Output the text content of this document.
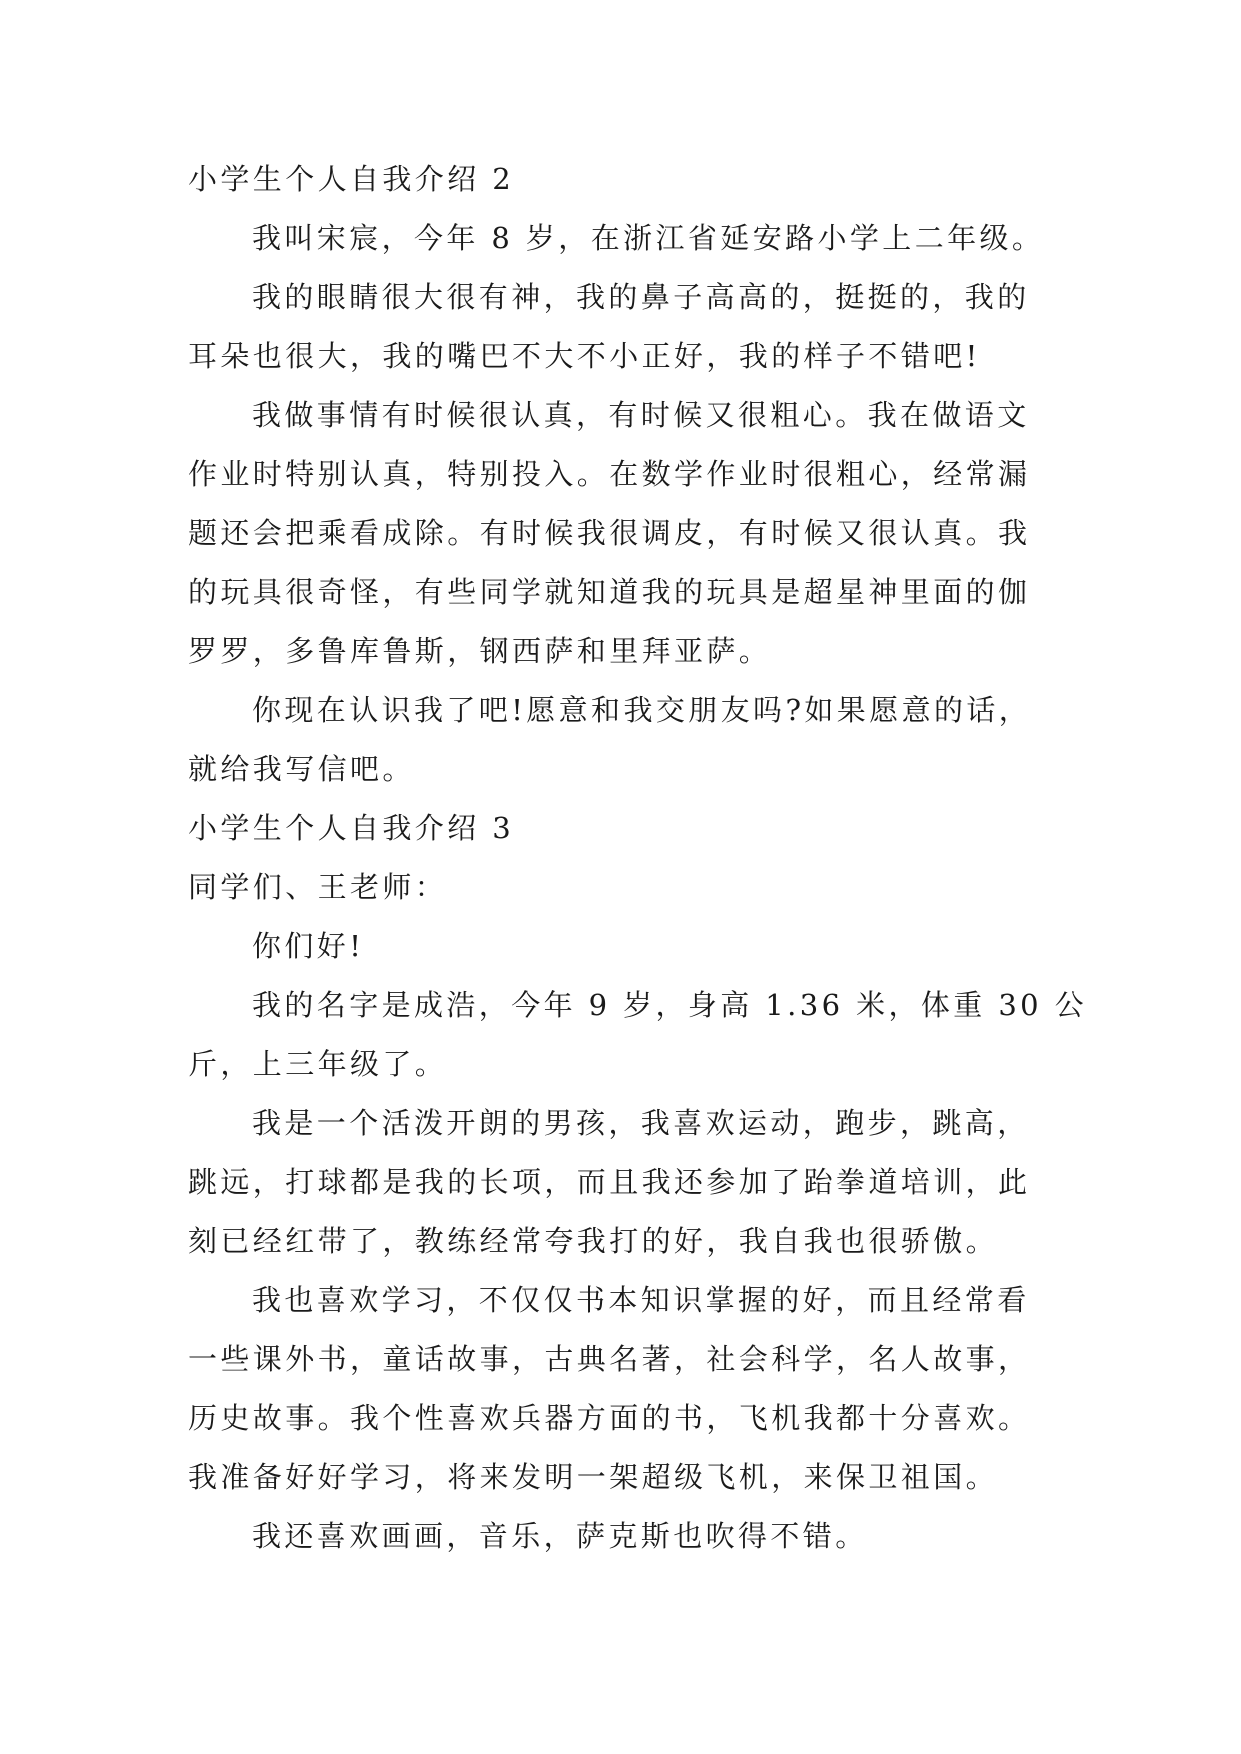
小学生个人自我介绍 2
我叫宋宸，今年 8 岁，在浙江省延安路小学上二年级。
我的眼睛很大很有神，我的鼻子高高的，挺挺的，我的
耳朵也很大，我的嘴巴不大不小正好，我的样子不错吧!
我做事情有时候很认真，有时候又很粗心。我在做语文
作业时特别认真，特别投入。在数学作业时很粗心，经常漏
题还会把乘看成除。有时候我很调皮，有时候又很认真。我
的玩具很奇怪，有些同学就知道我的玩具是超星神里面的伽
罗罗，多鲁库鲁斯，钢西萨和里拜亚萨。
你现在认识我了吧!愿意和我交朋友吗?如果愿意的话，
就给我写信吧。
小学生个人自我介绍 3
同学们、王老师：
你们好!
我的名字是成浩，今年 9 岁，身高 1.36 米，体重 30 公
斤，上三年级了。
我是一个活泼开朗的男孩，我喜欢运动，跑步，跳高，
跳远，打球都是我的长项，而且我还参加了跆拳道培训，此
刻已经红带了，教练经常夸我打的好，我自我也很骄傲。
我也喜欢学习，不仅仅书本知识掌握的好，而且经常看
一些课外书，童话故事，古典名著，社会科学，名人故事，
历史故事。我个性喜欢兵器方面的书，飞机我都十分喜欢。
我准备好好学习，将来发明一架超级飞机，来保卫祖国。
我还喜欢画画，音乐，萨克斯也吹得不错。
